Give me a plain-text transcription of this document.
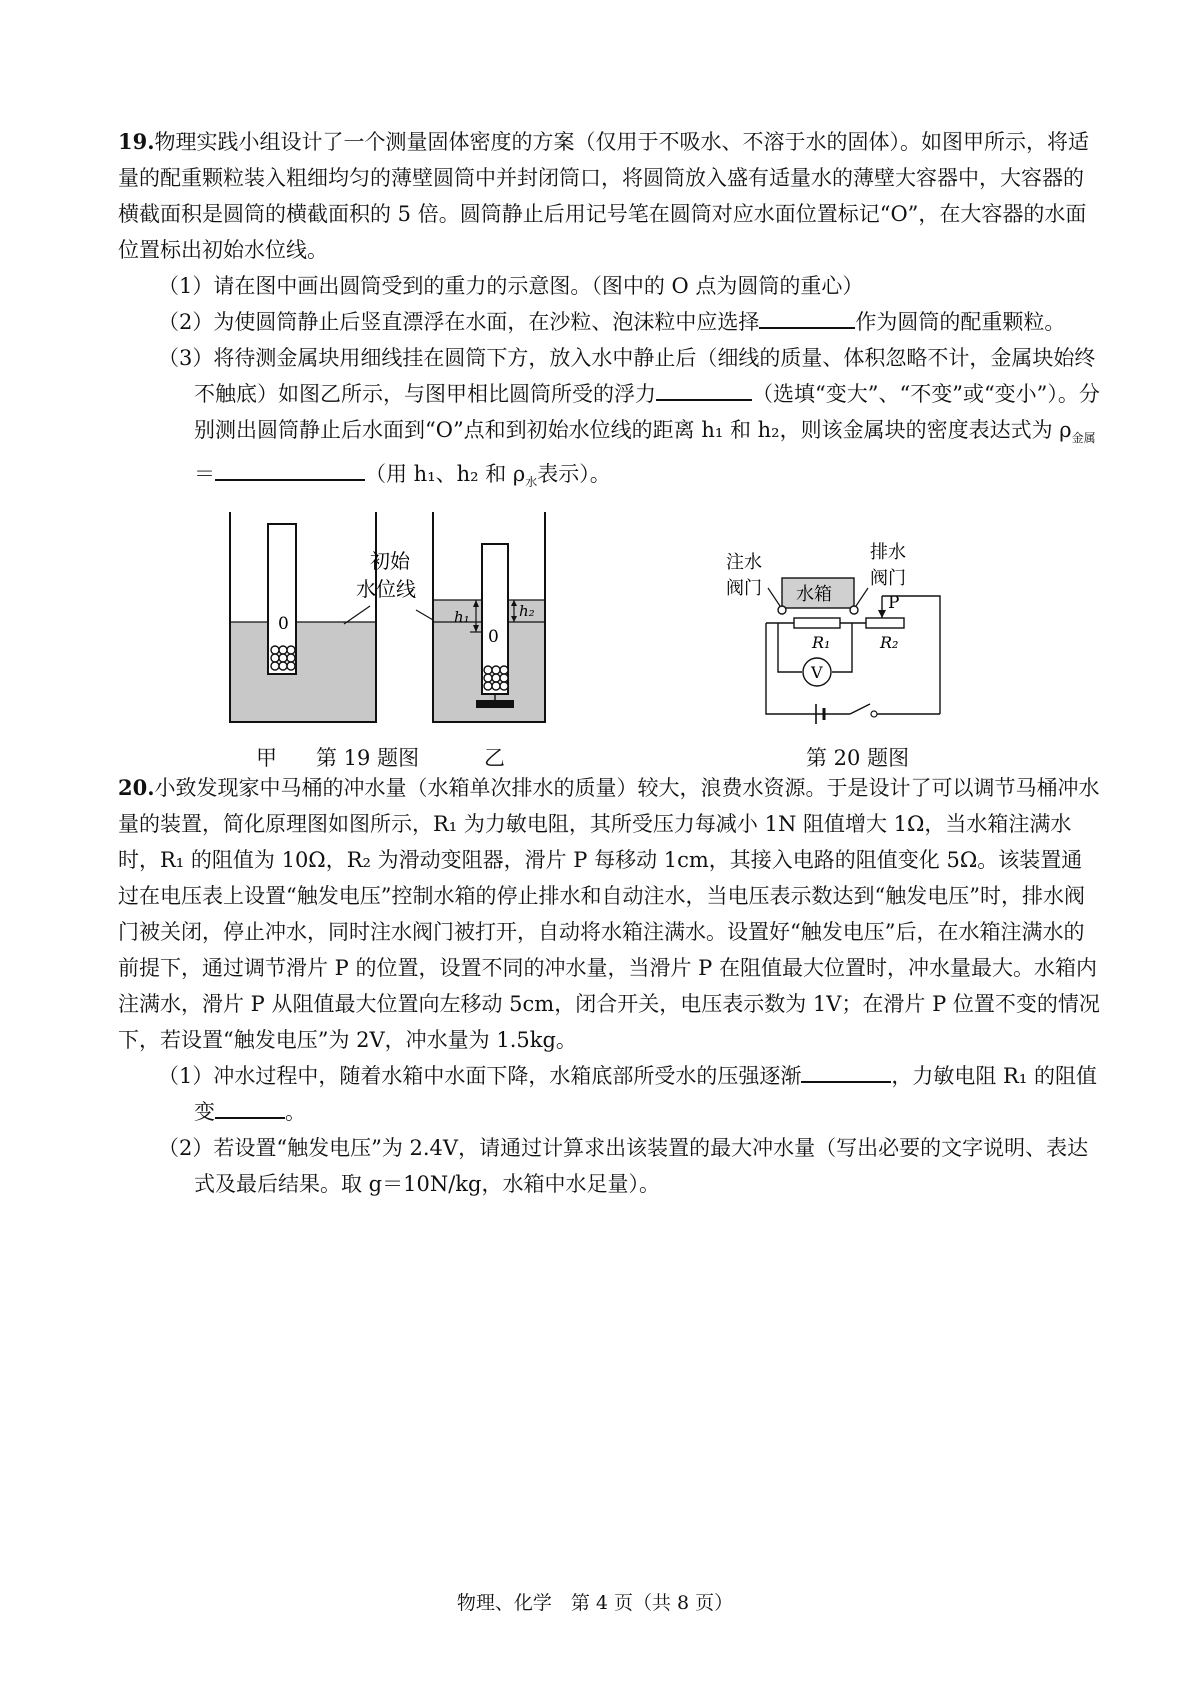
19.物理实践小组设计了一个测量固体密度的方案（仅用于不吸水、不溶于水的固体）。如图甲所示，将适量的配重颗粒装入粗细均匀的薄壁圆筒中并封闭筒口，将圆筒放入盛有适量水的薄壁大容器中，大容器的横截面积是圆筒的横截面积的 5 倍。圆筒静止后用记号笔在圆筒对应水面位置标记“O”，在大容器的水面位置标出初始水位线。

（1）请在图中画出圆筒受到的重力的示意图。（图中的 O 点为圆筒的重心）

（2）为使圆筒静止后竖直漂浮在水面，在沙粒、泡沫粒中应选择	作为圆筒的配重颗粒。

（3）将待测金属块用细线挂在圆筒下方，放入水中静止后（细线的质量、体积忽略不计，金属块始终不触底）如图乙所示，与图甲相比圆筒所受的浮力	（选填“变大”、“不变”或“变小”）。分别测出圆筒静止后水面到“O”点和到初始水位线的距离 h₁ 和 h₂，则该金属块的密度表达式为 $\rho_{金属}=$	（用 h₁、h₂ 和 $\rho_水$表示）。

0
初始
水位线
0
h₁	h₂
甲 第 19 题图	乙
注水
阀门
排水
阀门
水箱
R₁	R₂
P
V
第 20 题图

20.小致发现家中马桶的冲水量（水箱单次排水的质量）较大，浪费水资源。于是设计了可以调节马桶冲水量的装置，简化原理图如图所示，R₁ 为力敏电阻，其所受压力每减小 1N 阻值增大 1Ω，当水箱注满水时，R₁ 的阻值为 10Ω，R₂ 为滑动变阻器，滑片 P 每移动 1cm，其接入电路的阻值变化 5Ω。该装置通过在电压表上设置“触发电压”控制水箱的停止排水和自动注水，当电压表示数达到“触发电压”时，排水阀门被关闭，停止冲水，同时注水阀门被打开，自动将水箱注满水。设置好“触发电压”后，在水箱注满水的前提下，通过调节滑片 P 的位置，设置不同的冲水量，当滑片 P 在阻值最大位置时，冲水量最大。水箱内注满水，滑片 P 从阻值最大位置向左移动 5cm，闭合开关，电压表示数为 1V；在滑片 P 位置不变的情况下，若设置“触发电压”为 2V，冲水量为 1.5kg。

（1）冲水过程中，随着水箱中水面下降，水箱底部所受水的压强逐渐	，力敏电阻 R₁ 的阻值变	。

（2）若设置“触发电压”为 2.4V，请通过计算求出该装置的最大冲水量（写出必要的文字说明、表达式及最后结果。取 g＝10N/kg，水箱中水足量）。

物理、化学　第 4 页（共 8 页）
